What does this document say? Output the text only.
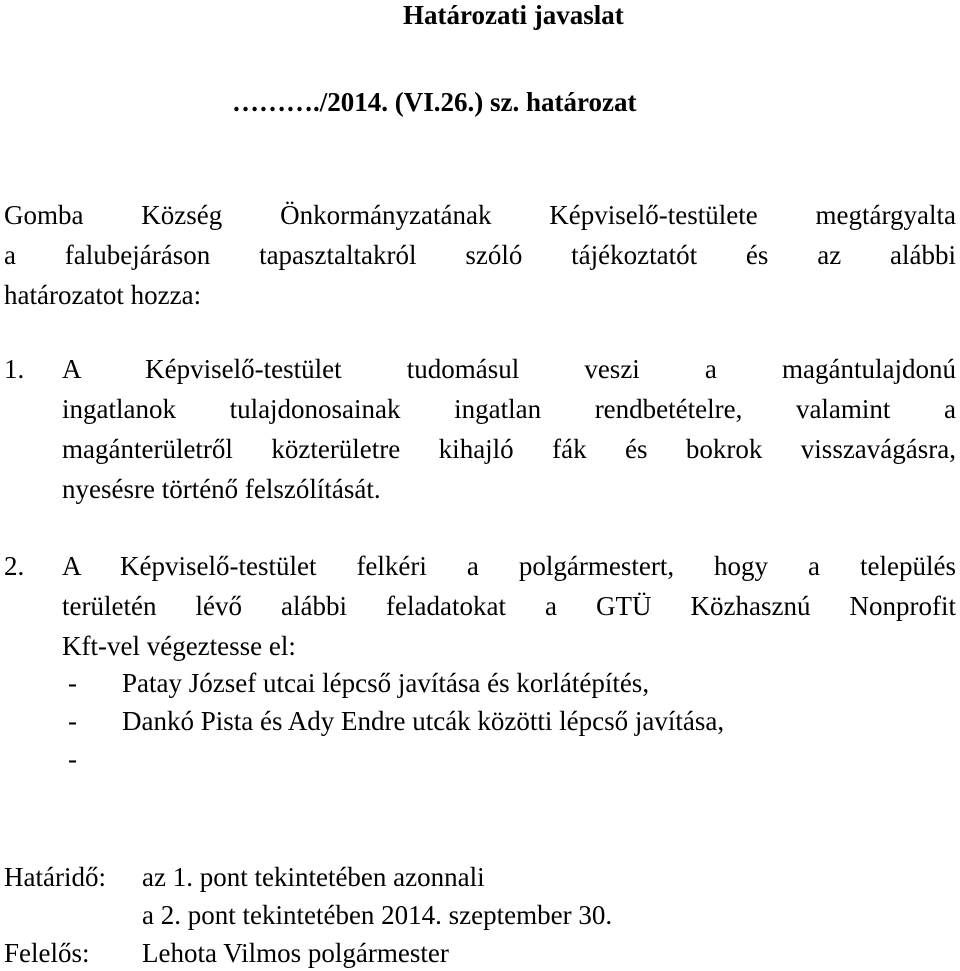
Határozati javaslat
………./2014. (VI.26.) sz. határozat
Gomba Község Önkormányzatának Képviselő-testülete megtárgyalta
a falubejáráson tapasztaltakról szóló tájékoztatót és az alábbi
határozatot hozza:
1. A Képviselő-testület tudomásul veszi a magántulajdonú
ingatlanok tulajdonosainak ingatlan rendbetételre, valamint a
magánterületről közterületre kihajló fák és bokrok visszavágásra,
nyesésre történő felszólítását.
2. A Képviselő-testület felkéri a polgármestert, hogy a település
területén lévő alábbi feladatokat a GTÜ Közhasznú Nonprofit
Kft-vel végeztesse el:
- Patay József utcai lépcső javítása és korlátépítés,
- Dankó Pista és Ady Endre utcák közötti lépcső javítása,
-
Határidő: az 1. pont tekintetében azonnali
a 2. pont tekintetében 2014. szeptember 30.
Felelős: Lehota Vilmos polgármester
